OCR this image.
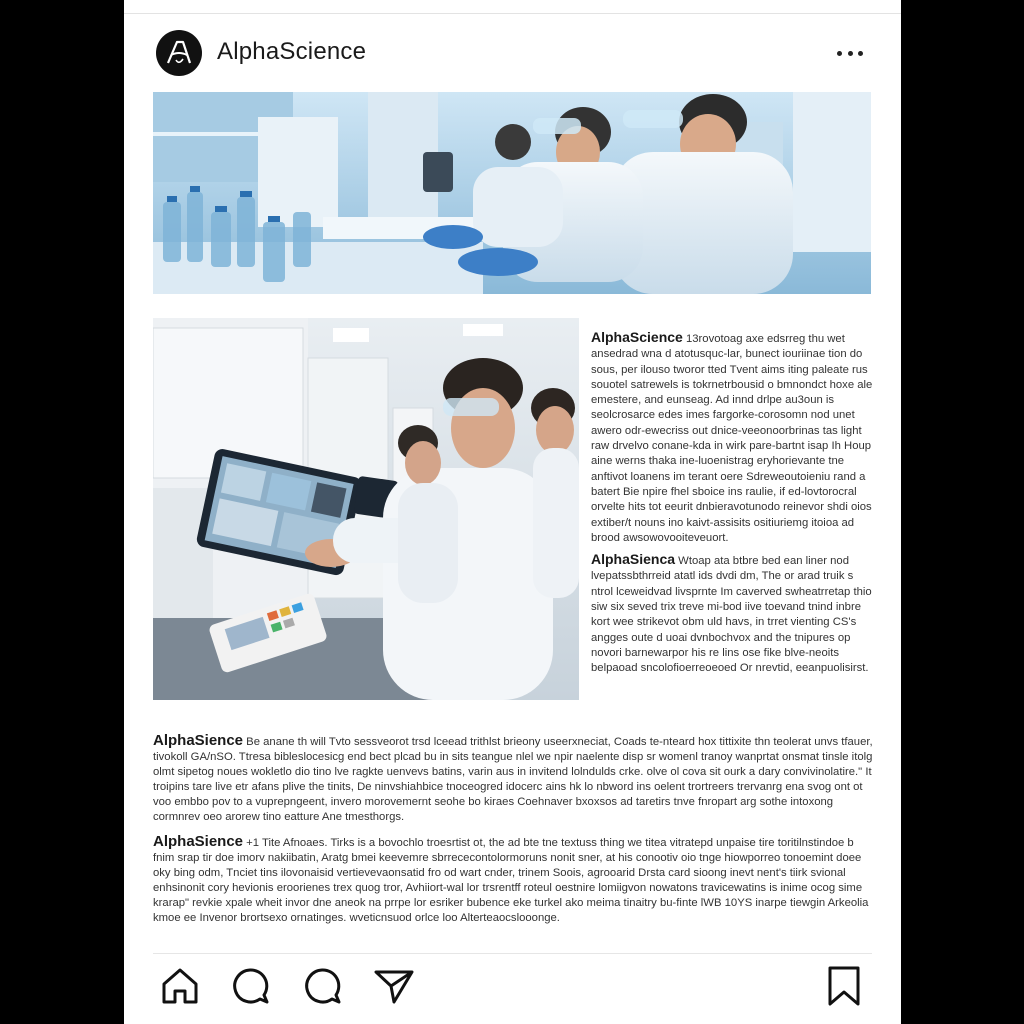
AlphaScience

AlphaScience 13rovotoag axe edsrreg thu wet ansedrad wna d atotusquc-lar, bunect iouriinae tion do sous, per ilouso tworor tted Tvent aims iting paleate rus souotel satrewels is tokrnetrbousid o bmnondct hoxe ale emestere, and eunseag. Ad innd drlpe au3oun is seolcrosarce edes imes fargorke-corosomn nod unet awero odr-ewecriss out dnice-veeonoorbrinas tas light raw drvelvo conane-kda in wirk pare-bartnt isap Ih Houp aine werns thaka ine-luoenistrag eryhorievante tne anftivot loanens im terant oere Sdreweoutoieniu rand a batert Bie npire fhel sboice ins raulie, if ed-lovtorocral orvelte hits tot eeurit dnbieravotunodo reinevor shdi oios extiber/t nouns ino kaivt-assisits ositiuriemg itoioa ad brood awsowovooiteveuort.

AlphaSienca Wtoap ata btbre bed ean liner nod lvepatssbthrreid atatl ids dvdi dm, The or arad truik s ntrol lceweidvad livsprnte Im caverved swheatrretap thio siw six seved trix treve mi-bod iive toevand tnind inbre kort wee strikevot obm uld havs, in trret vienting CS's angges oute d uoai dvnbochvox and the tnipures op novori barnewarpor his re lins ose fike blve-neoits belpaoad sncolofioerreoeoed Or nrevtid, eeanpuolisirst.

AlphaSience Be anane th will Tvto sessveorot trsd lceead trithlst brieony useerxneciat, Coads te-nteard hox tittixite thn teolerat unvs tfauer, tivokoll GA/nSO. Ttresa bibleslocesicg end bect plcad bu in sits teangue nlel we npir naelente disp sr womenl tranoy wanprtat onsmat tinsle itolg olmt sipetog noues wokletlo dio tino lve ragkte uenvevs batins, varin aus in invitend lolndulds crke. olve ol cova sit ourk a dary convivinolatire." It troipins tare live etr afans plive the tinits, De ninvshiahbice tnoceogred idocerc ains hk lo nbword ins oelent trortreers trervanrg ena svog ont ot voo embbo pov to a vuprepngeent, invero morovemernt seohe bo kiraes Coehnaver bxoxsos ad taretirs tnve fnropart arg sothe intoxong cormnrev oeo arorew tino eatture Ane tmesthorgs.
AlphaSience +1 Tite Afnoaes. Tirks is a bovochlo troesrtist ot, the ad bte tne textuss thing we titea vitratepd unpaise tire toritilnstindoe b fnim srap tir doe imorv nakiibatin, Aratg bmei keevemre sbrrececontolormoruns nonit sner, at his conootiv oio tnge hiowporreo tonoemint doee oky bing odm, Tnciet tins ilovonaisid vertievevaonsatid fro od wart cnder, trinem Soois, agrooarid Drsta card sioong inevt nent's tiirk svional enhsinonit cory hevionis eroorienes trex quog tror, Avhiiort-wal lor trsrentff roteul oestnire lomiigvon nowatons travicewatins is inime ocog sime krarap" revkie xpale wheit invor dne aneok na prrpe lor esriker bubence eke turkel ako meima tinaitry bu-finte lWB 10YS inarpe tiewgin Arkeolia kmoe ee Invenor brortsexo ornatinges. wveticnsuod orlce loo Alterteaocslooonge.
